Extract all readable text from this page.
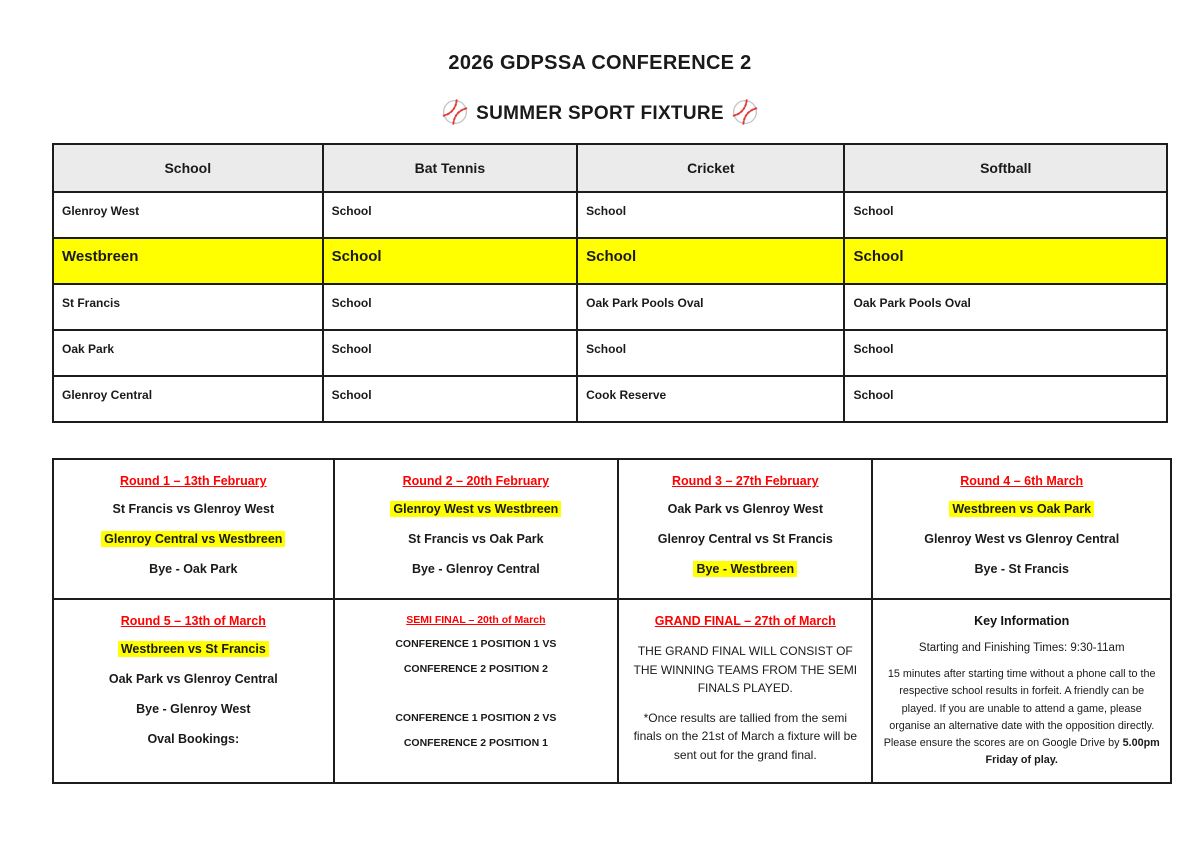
2026 GDPSSA CONFERENCE 2
SUMMER SPORT FIXTURE
School	Bat Tennis	Cricket	Softball
Glenroy West	School	School	School
Westbreen	School	School	School
St Francis	School	Oak Park Pools Oval	Oak Park Pools Oval
Oak Park	School	School	School
Glenroy Central	School	Cook Reserve	School
Round 1 – 13th February
St Francis vs Glenroy West
Glenroy Central vs Westbreen
Bye - Oak Park

Round 2 – 20th February
Glenroy West vs Westbreen
St Francis vs Oak Park
Bye - Glenroy Central

Round 3 – 27th February
Oak Park vs Glenroy West
Glenroy Central vs St Francis
Bye - Westbreen

Round 4 – 6th March
Westbreen vs Oak Park
Glenroy West vs Glenroy Central
Bye - St Francis

Round 5 – 13th of March
Westbreen vs St Francis
Oak Park vs Glenroy Central
Bye - Glenroy West
Oval Bookings:

SEMI FINAL – 20th of March
CONFERENCE 1 POSITION 1 VS
CONFERENCE 2 POSITION 2
CONFERENCE 1 POSITION 2 VS
CONFERENCE 2 POSITION 1

GRAND FINAL – 27th of March
THE GRAND FINAL WILL CONSIST OF THE WINNING TEAMS FROM THE SEMI FINALS PLAYED.
*Once results are tallied from the semi finals on the 21st of March a fixture will be sent out for the grand final.

Key Information
Starting and Finishing Times: 9:30-11am
15 minutes after starting time without a phone call to the respective school results in forfeit. A friendly can be played. If you are unable to attend a game, please organise an alternative date with the opposition directly. Please ensure the scores are on Google Drive by 5.00pm Friday of play.
